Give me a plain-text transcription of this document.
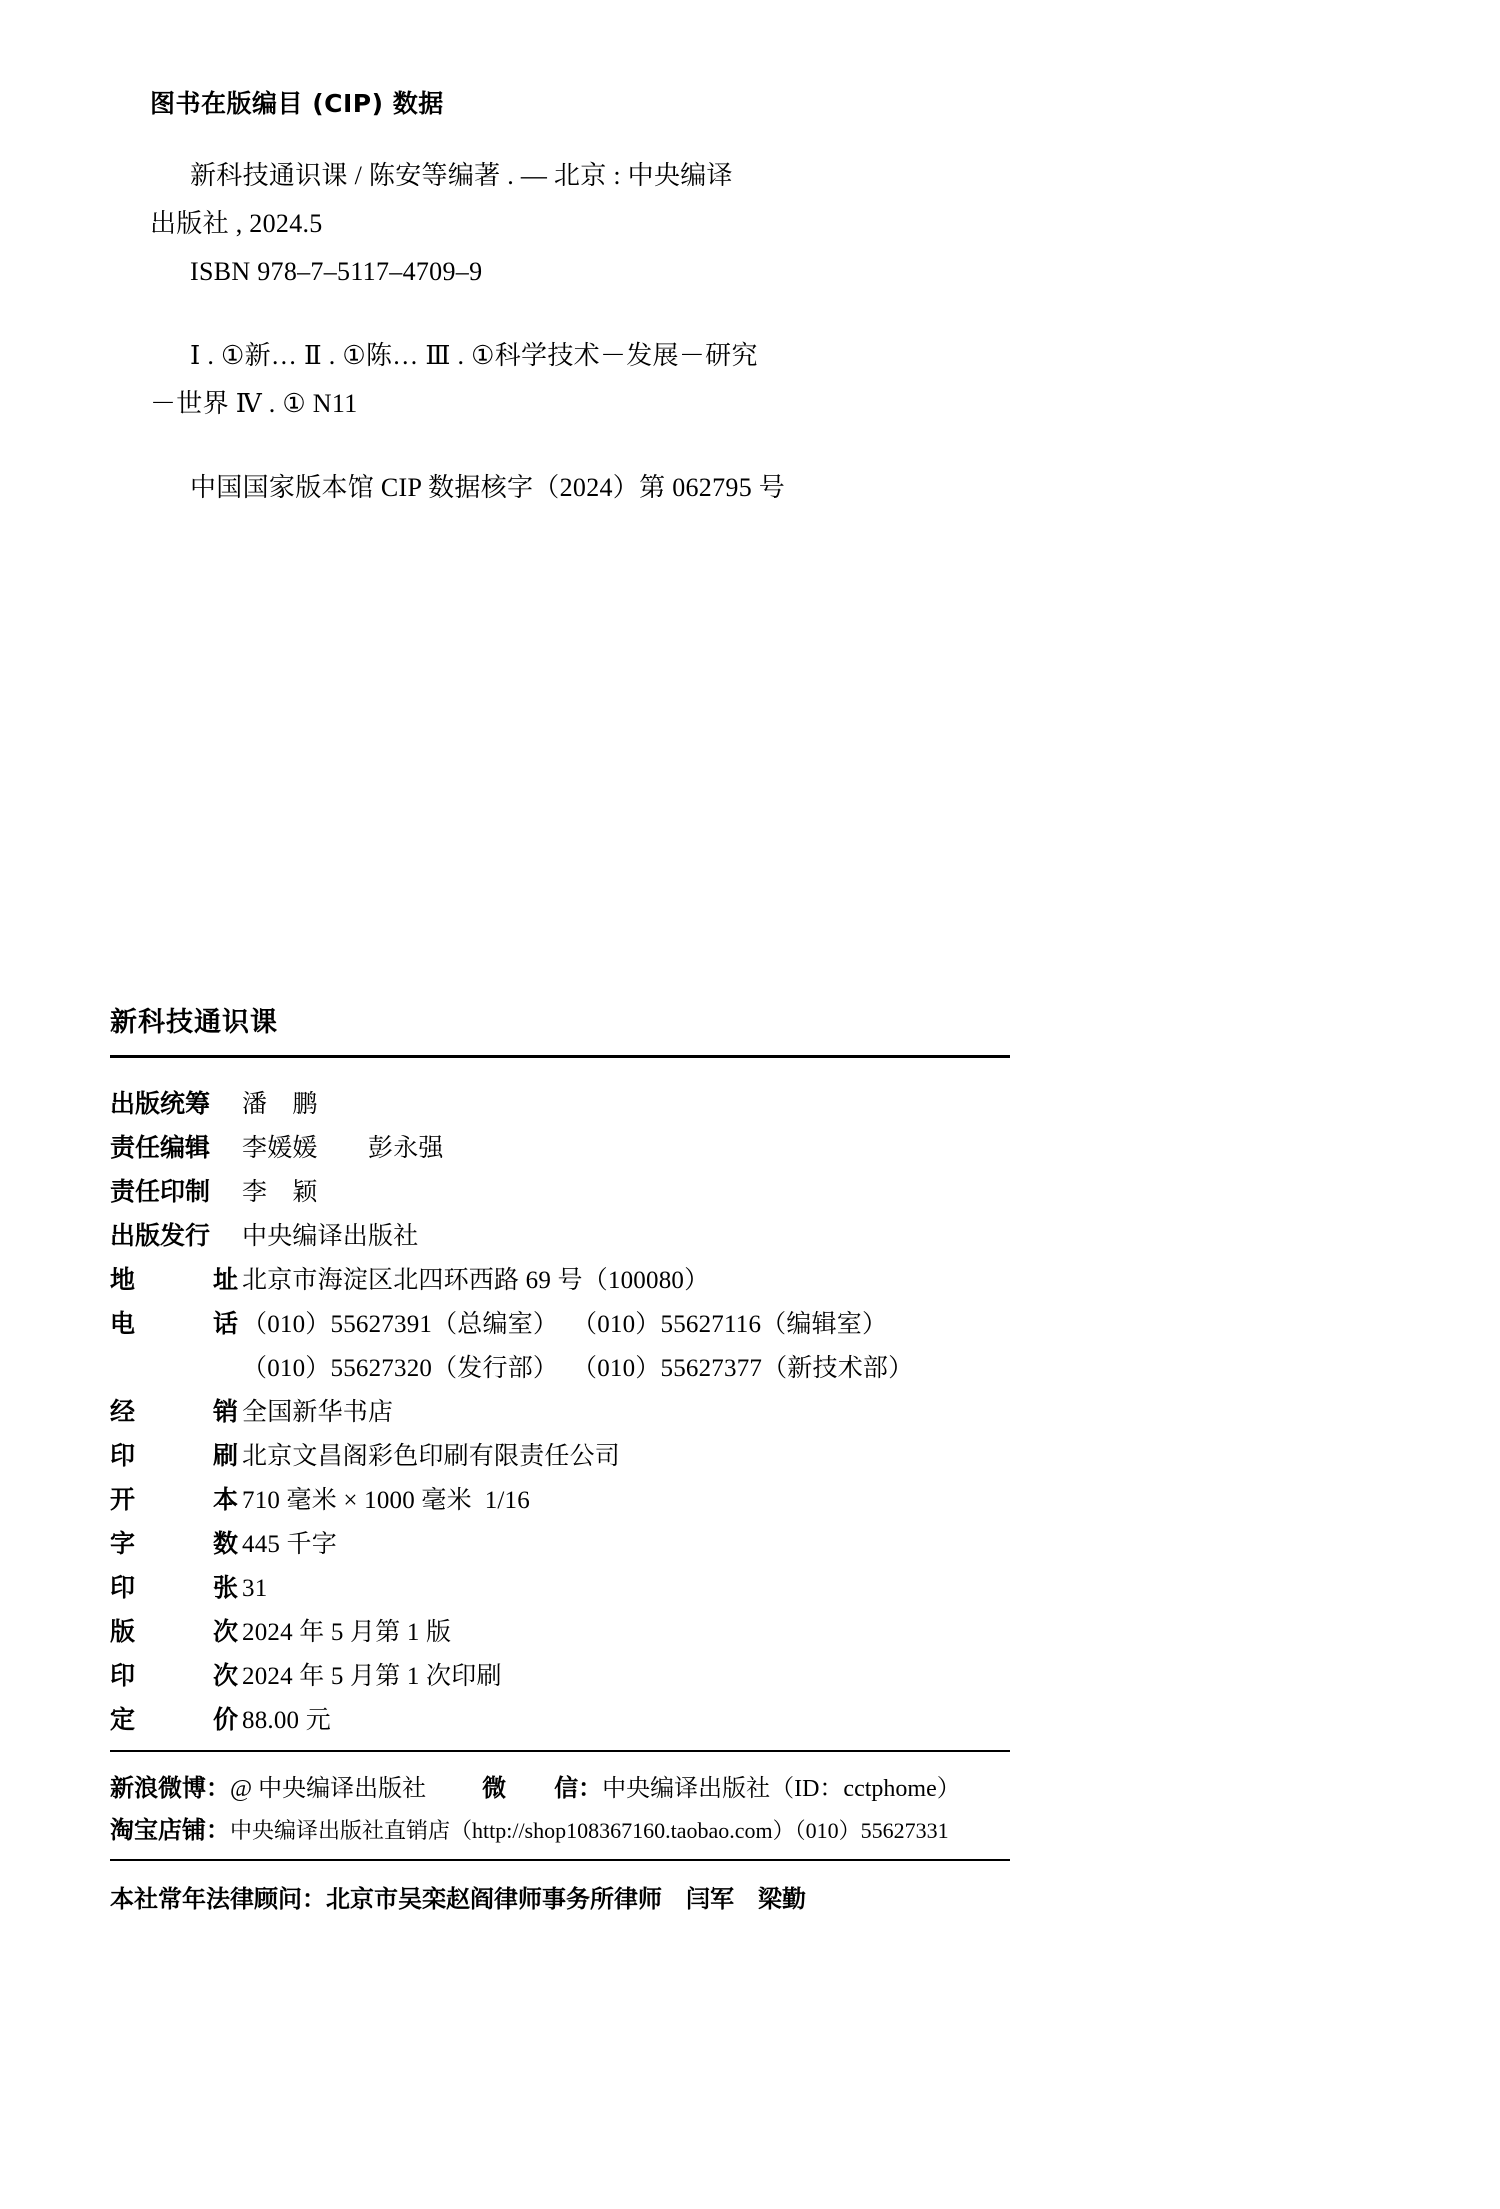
图书在版编目 (CIP) 数据
新科技通识课 / 陈安等编著 . — 北京 : 中央编译
出版社 , 2024.5
ISBN 978–7–5117–4709–9
Ⅰ . ①新… Ⅱ . ①陈… Ⅲ . ①科学技术－发展－研究
－世界 Ⅳ . ① N11
中国国家版本馆 CIP 数据核字（2024）第 062795 号
新科技通识课
出版统筹	潘　鹏
责任编辑	李媛媛　　彭永强
责任印制	李　颖
出版发行	中央编译出版社
地	址 北京市海淀区北四环西路 69 号（100080）
电	话 （010）55627391（总编室） （010）55627116（编辑室）
（010）55627320（发行部） （010）55627377（新技术部）
经	销 全国新华书店
印	刷 北京文昌阁彩色印刷有限责任公司
开	本 710 毫米 × 1000 毫米  1/16
字	数 445 千字
印	张 31
版	次 2024 年 5 月第 1 版
印	次 2024 年 5 月第 1 次印刷
定	价 88.00 元
新浪微博： @ 中央编译出版社 微　　信： 中央编译出版社（ID：cctphome）
淘宝店铺： 中央编译出版社直销店（http://shop108367160.taobao.com）（010）55627331
本社常年法律顾问：北京市吴栾赵阎律师事务所律师　闫军　梁勤
